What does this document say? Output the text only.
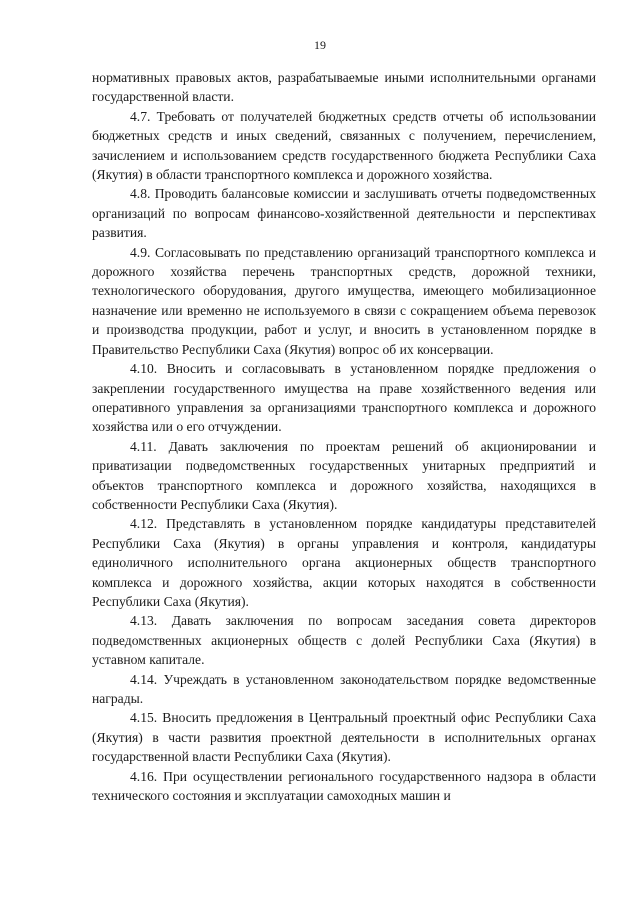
19

нормативных правовых актов, разрабатываемые иными исполнительными органами государственной власти.

4.7. Требовать от получателей бюджетных средств отчеты об использовании бюджетных средств и иных сведений, связанных с получением, перечислением, зачислением и использованием средств государственного бюджета Республики Саха (Якутия) в области транспортного комплекса и дорожного хозяйства.

4.8. Проводить балансовые комиссии и заслушивать отчеты подведомственных организаций по вопросам финансово-хозяйственной деятельности и перспективах развития.

4.9. Согласовывать по представлению организаций транспортного комплекса и дорожного хозяйства перечень транспортных средств, дорожной техники, технологического оборудования, другого имущества, имеющего мобилизационное назначение или временно не используемого в связи с сокращением объема перевозок и производства продукции, работ и услуг, и вносить в установленном порядке в Правительство Республики Саха (Якутия) вопрос об их консервации.

4.10. Вносить и согласовывать в установленном порядке предложения о закреплении государственного имущества на праве хозяйственного ведения или оперативного управления за организациями транспортного комплекса и дорожного хозяйства или о его отчуждении.

4.11. Давать заключения по проектам решений об акционировании и приватизации подведомственных государственных унитарных предприятий и объектов транспортного комплекса и дорожного хозяйства, находящихся в собственности Республики Саха (Якутия).

4.12. Представлять в установленном порядке кандидатуры представителей Республики Саха (Якутия) в органы управления и контроля, кандидатуры единоличного исполнительного органа акционерных обществ транспортного комплекса и дорожного хозяйства, акции которых находятся в собственности Республики Саха (Якутия).

4.13. Давать заключения по вопросам заседания совета директоров подведомственных акционерных обществ с долей Республики Саха (Якутия) в уставном капитале.

4.14. Учреждать в установленном законодательством порядке ведомственные награды.

4.15. Вносить предложения в Центральный проектный офис Республики Саха (Якутия) в части развития проектной деятельности в исполнительных органах государственной власти Республики Саха (Якутия).

4.16. При осуществлении регионального государственного надзора в области технического состояния и эксплуатации самоходных машин и
